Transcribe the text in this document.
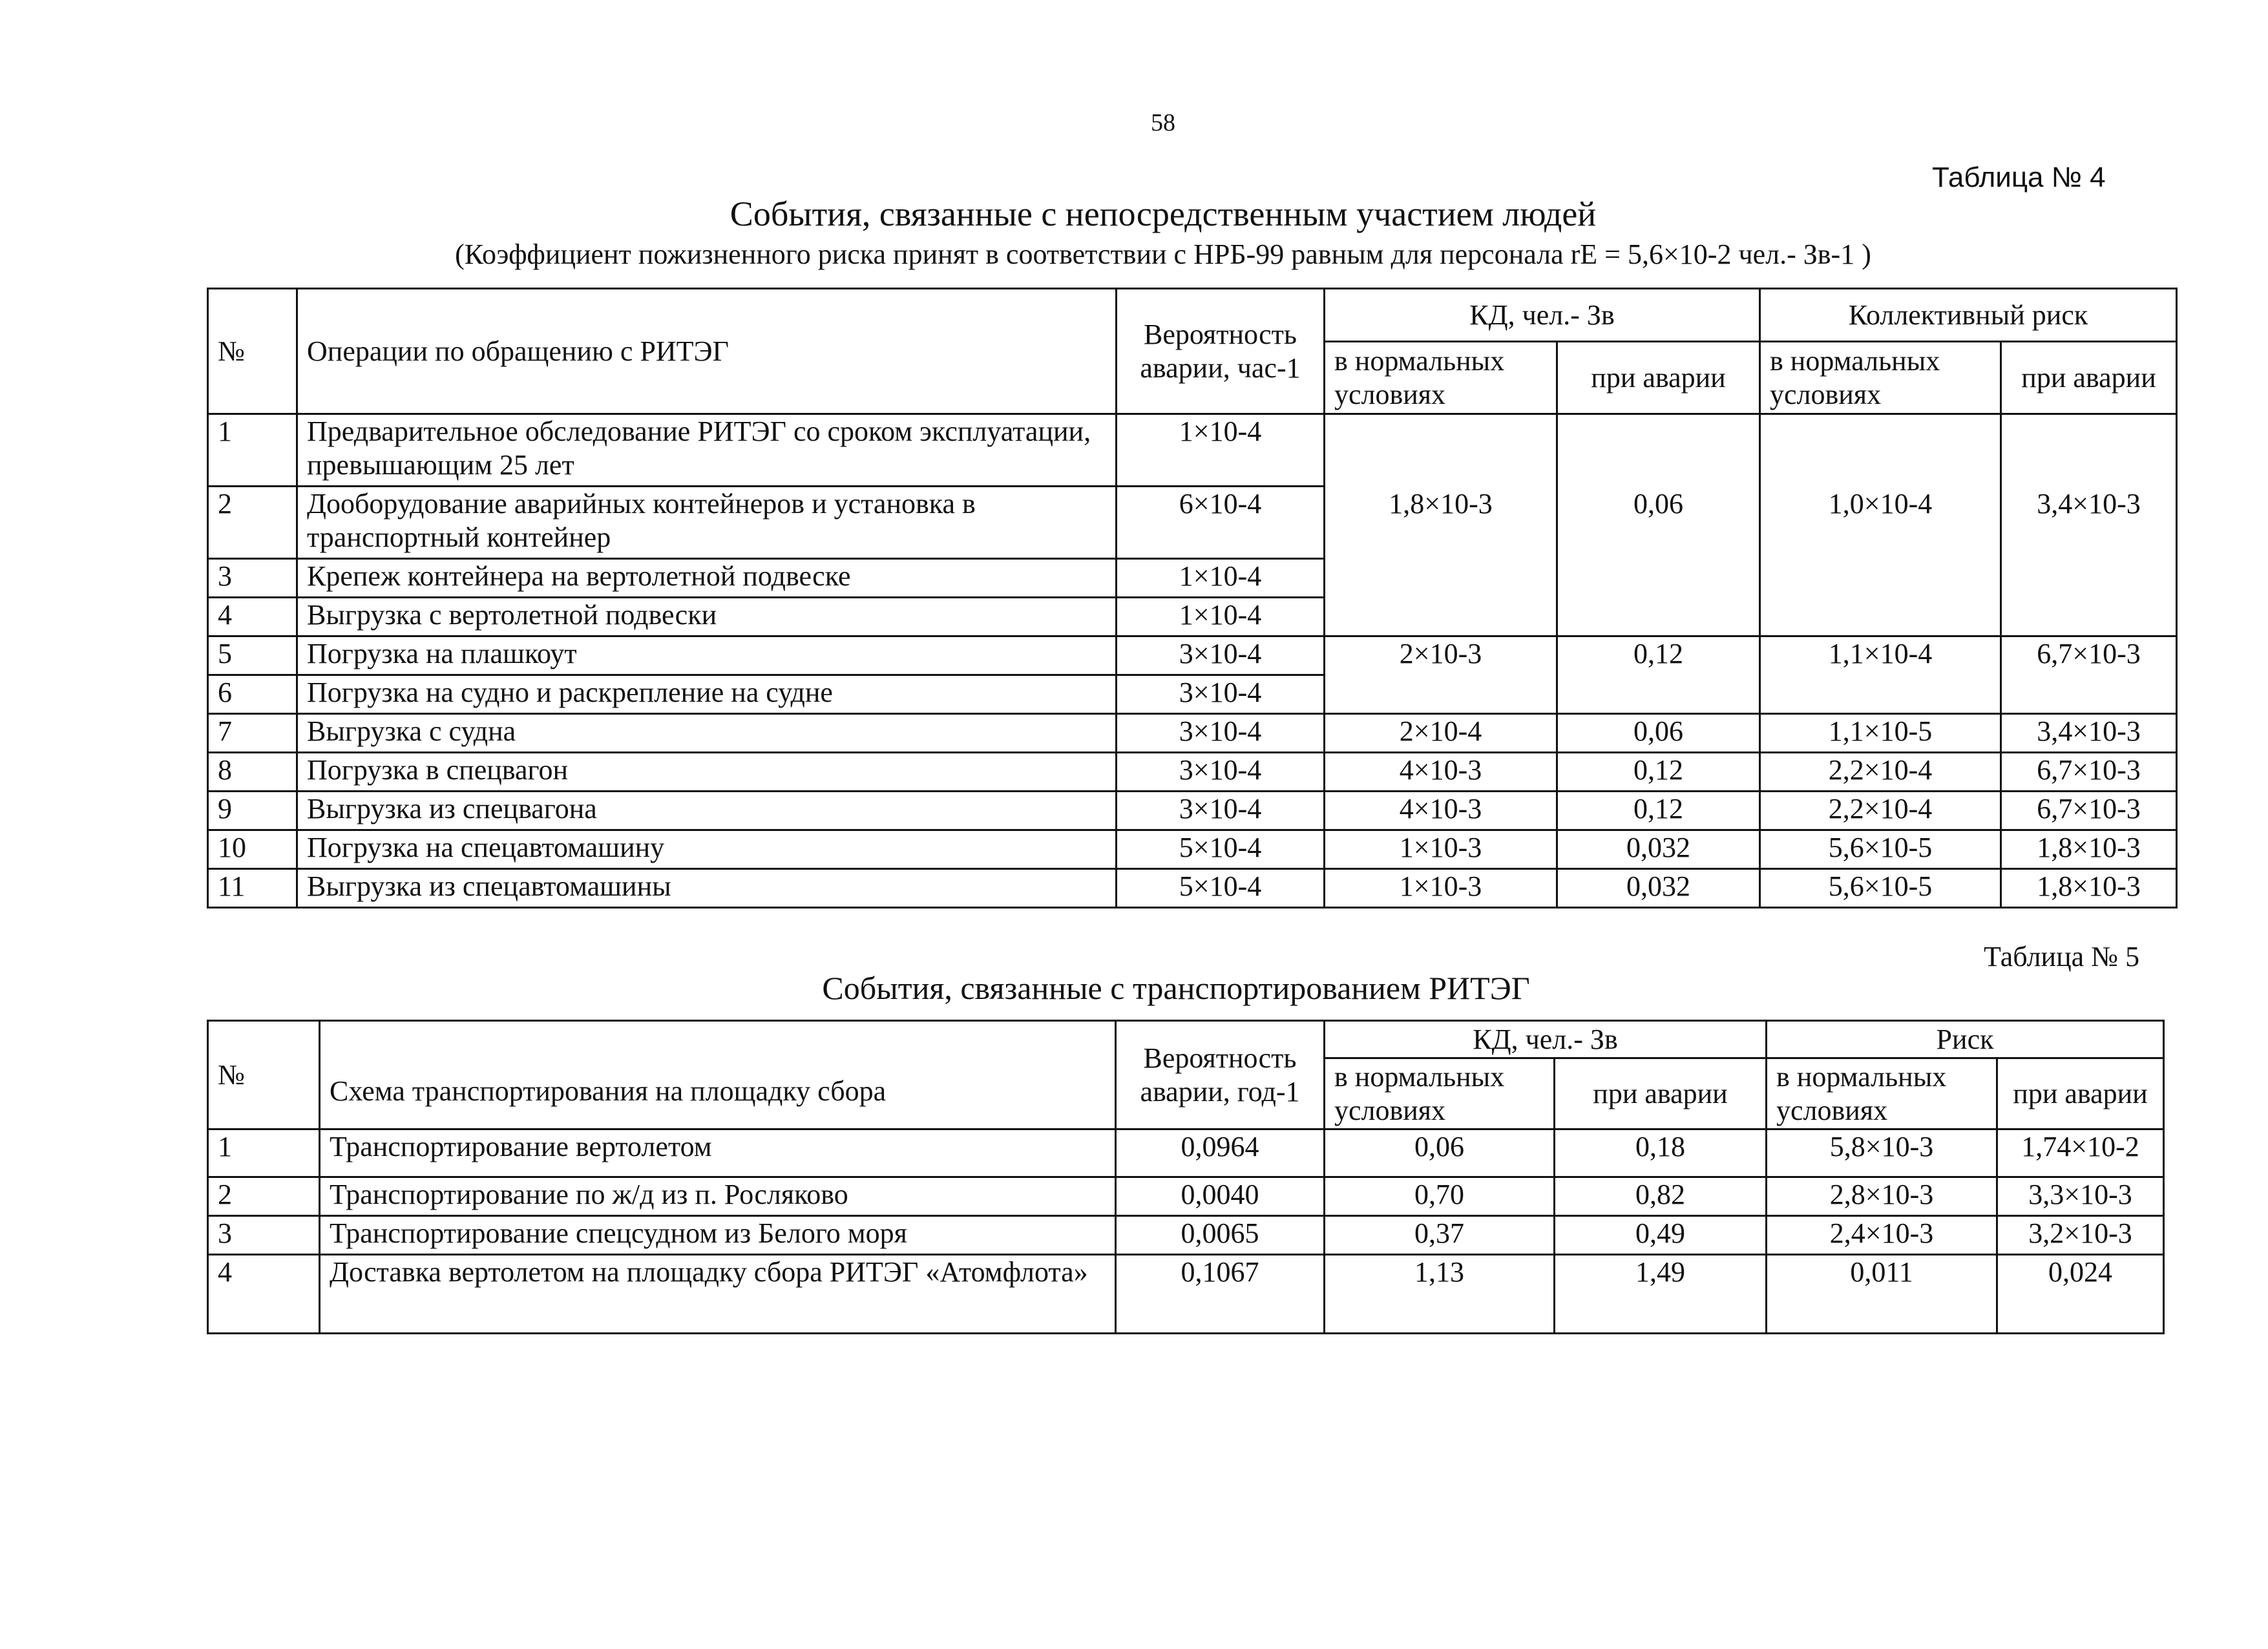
58
Таблица № 4
События, связанные с непосредственным участием людей
(Коэффициент пожизненного риска принят в соответствии с НРБ-99 равным для персонала rE = 5,6×10-2 чел.- Зв-1 )
№	Операции по обращению с РИТЭГ	Вероятность аварии, час-1	КД, чел.- Зв		Коллективный риск	
			в нормальных условиях	при аварии	в нормальных условиях	при аварии
1	Предварительное обследование РИТЭГ со сроком эксплуатации, превышающим 25 лет	1×10-4	1,8×10-3	0,06	1,0×10-4	3,4×10-3
2	Дооборудование аварийных контейнеров и установка в транспортный контейнер	6×10-4				
3	Крепеж контейнера на вертолетной подвеске	1×10-4				
4	Выгрузка с вертолетной подвески	1×10-4				
5	Погрузка на плашкоут	3×10-4	2×10-3	0,12	1,1×10-4	6,7×10-3
6	Погрузка на судно и раскрепление на судне	3×10-4				
7	Выгрузка с судна	3×10-4	2×10-4	0,06	1,1×10-5	3,4×10-3
8	Погрузка в спецвагон	3×10-4	4×10-3	0,12	2,2×10-4	6,7×10-3
9	Выгрузка из спецвагона	3×10-4	4×10-3	0,12	2,2×10-4	6,7×10-3
10	Погрузка на спецавтомашину	5×10-4	1×10-3	0,032	5,6×10-5	1,8×10-3
11	Выгрузка из спецавтомашины	5×10-4	1×10-3	0,032	5,6×10-5	1,8×10-3
Таблица № 5
События, связанные с транспортированием РИТЭГ
№	Схема транспортирования на площадку сбора	Вероятность аварии, год-1	КД, чел.- Зв		Риск	
			в нормальных условиях	при аварии	в нормальных условиях	при аварии
1	Транспортирование вертолетом	0,0964	0,06	0,18	5,8×10-3	1,74×10-2
2	Транспортирование по ж/д из п. Росляково	0,0040	0,70	0,82	2,8×10-3	3,3×10-3
3	Транспортирование спецсудном из Белого моря	0,0065	0,37	0,49	2,4×10-3	3,2×10-3
4	Доставка вертолетом на площадку сбора РИТЭГ «Атомфлота»	0,1067	1,13	1,49	0,011	0,024
